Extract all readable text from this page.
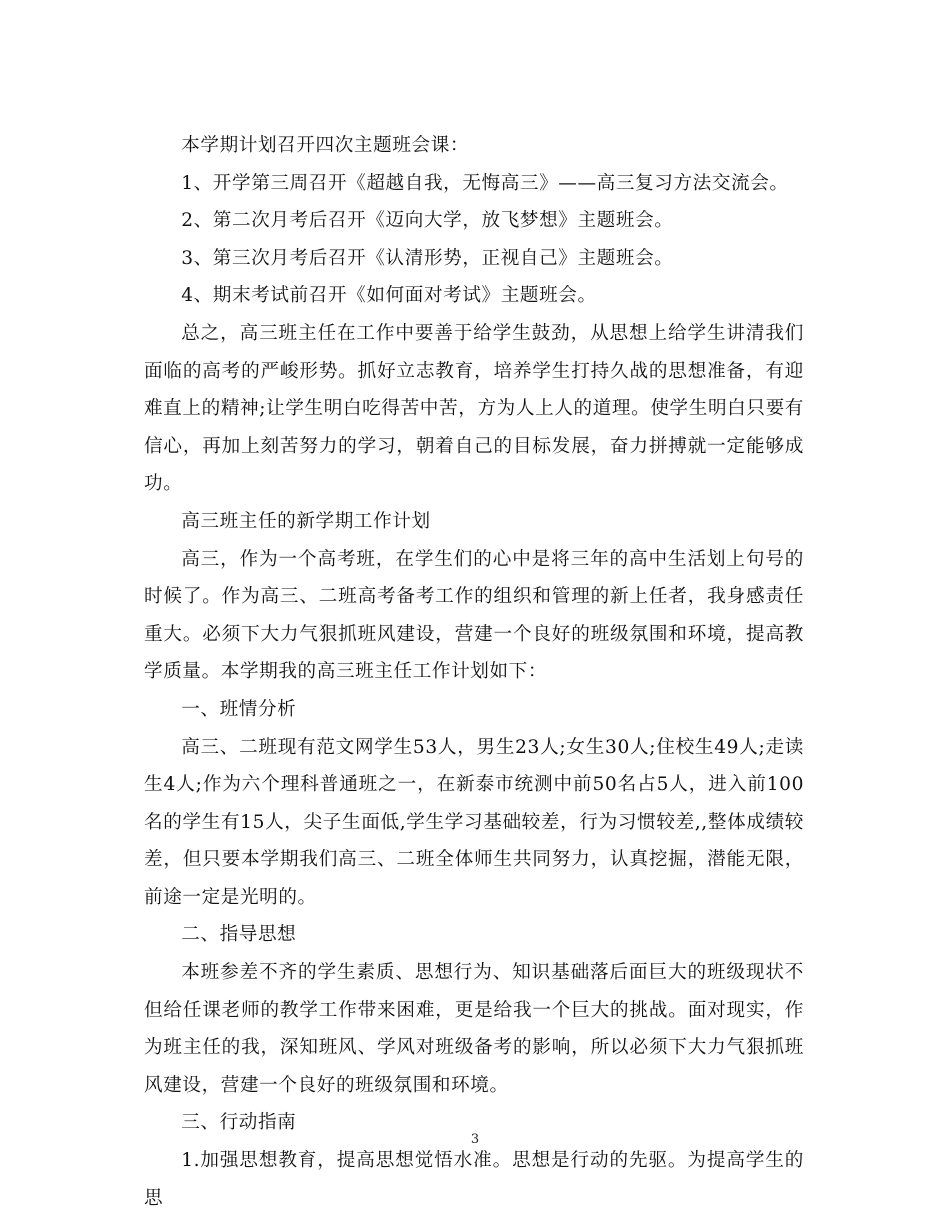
本学期计划召开四次主题班会课：

1、开学第三周召开《超越自我，无悔高三》——高三复习方法交流会。

2、第二次月考后召开《迈向大学，放飞梦想》主题班会。

3、第三次月考后召开《认清形势，正视自己》主题班会。

4、期末考试前召开《如何面对考试》主题班会。

总之，高三班主任在工作中要善于给学生鼓劲，从思想上给学生讲清我们面临的高考的严峻形势。抓好立志教育，培养学生打持久战的思想准备，有迎难直上的精神;让学生明白吃得苦中苦，方为人上人的道理。使学生明白只要有信心，再加上刻苦努力的学习，朝着自己的目标发展，奋力拼搏就一定能够成功。

高三班主任的新学期工作计划

高三，作为一个高考班，在学生们的心中是将三年的高中生活划上句号的时候了。作为高三、二班高考备考工作的组织和管理的新上任者，我身感责任重大。必须下大力气狠抓班风建设，营建一个良好的班级氛围和环境，提高教学质量。本学期我的高三班主任工作计划如下：

一、班情分析

高三、二班现有范文网学生53人，男生23人;女生30人;住校生49人;走读生4人;作为六个理科普通班之一，在新泰市统测中前50名占5人，进入前100名的学生有15人，尖子生面低,学生学习基础较差，行为习惯较差,,整体成绩较差，但只要本学期我们高三、二班全体师生共同努力，认真挖掘，潜能无限，前途一定是光明的。

二、指导思想

本班参差不齐的学生素质、思想行为、知识基础落后面巨大的班级现状不但给任课老师的教学工作带来困难，更是给我一个巨大的挑战。面对现实，作为班主任的我，深知班风、学风对班级备考的影响，所以必须下大力气狠抓班风建设，营建一个良好的班级氛围和环境。

三、行动指南

1.加强思想教育，提高思想觉悟水准。思想是行动的先驱。为提高学生的思

3
